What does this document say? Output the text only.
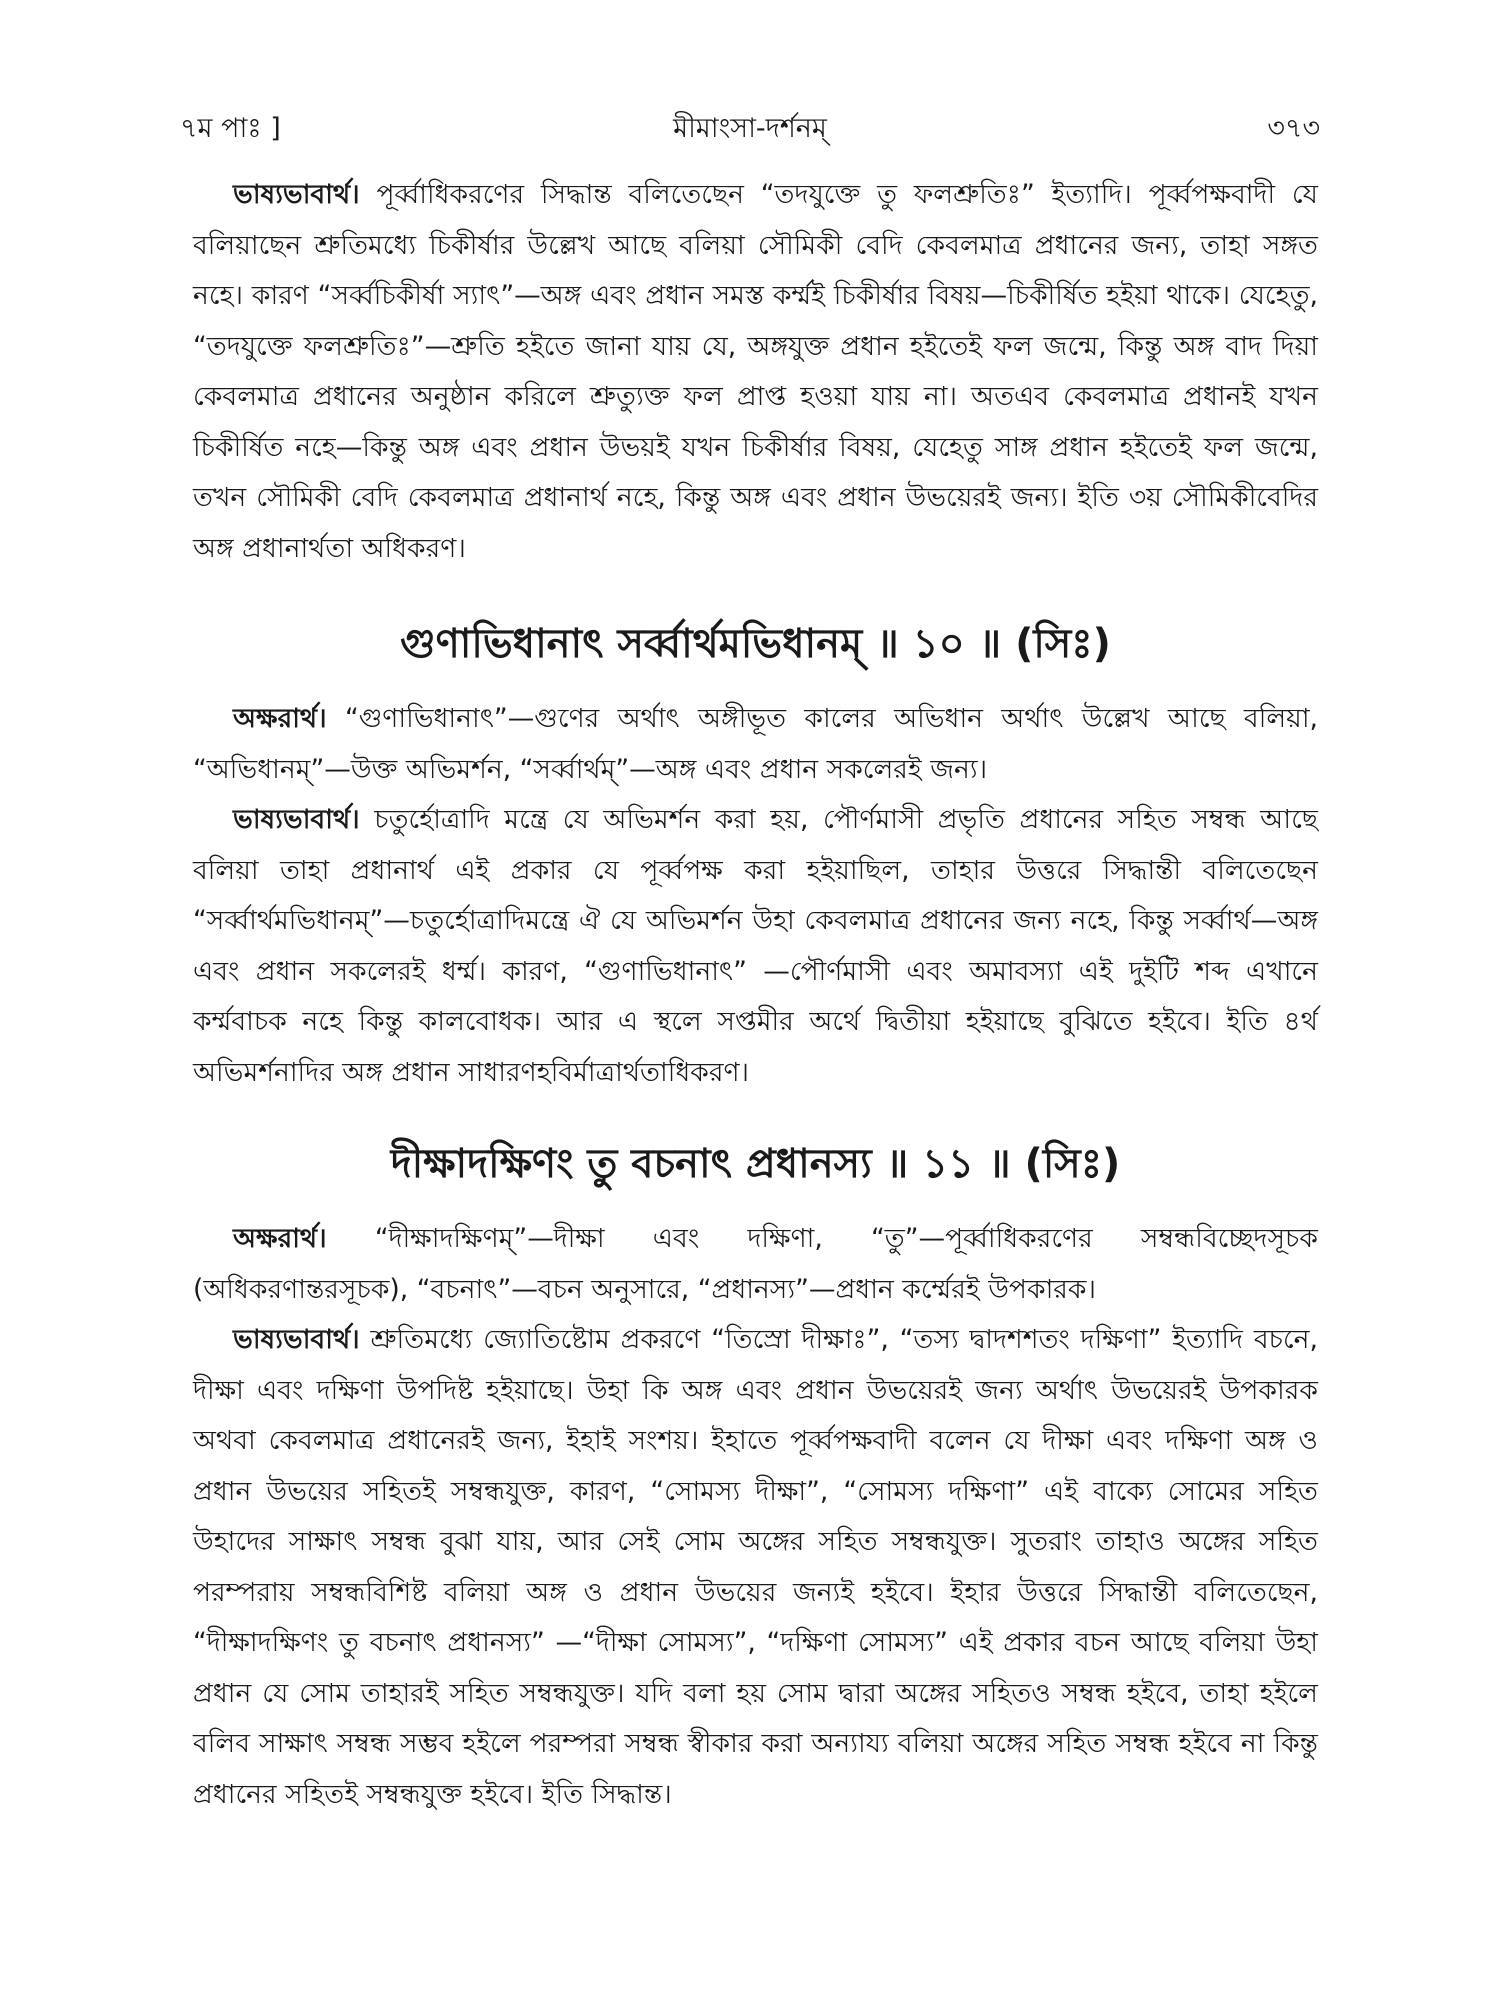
৭ম পাঃ ]	মীমাংসা-দর্শনম্	৩৭৩

ভাষ্যভাবার্থ। পূর্ব্বাধিকরণের সিদ্ধান্ত বলিতেছেন “তদযুক্তে তু ফলশ্রুতিঃ” ইত্যাদি। পূর্ব্বপক্ষবাদী যে বলিয়াছেন শ্রুতিমধ্যে চিকীর্ষার উল্লেখ আছে বলিয়া সৌমিকী বেদি কেবলমাত্র প্রধানের জন্য, তাহা সঙ্গত নহে। কারণ “সর্ব্বচিকীর্ষা স্যাৎ”—অঙ্গ এবং প্রধান সমস্ত কর্ম্মই চিকীর্ষার বিষয়—চিকীর্ষিত হইয়া থাকে। যেহেতু, “তদযুক্তে ফলশ্রুতিঃ”—শ্রুতি হইতে জানা যায় যে, অঙ্গযুক্ত প্রধান হইতেই ফল জন্মে, কিন্তু অঙ্গ বাদ দিয়া কেবলমাত্র প্রধানের অনুষ্ঠান করিলে শ্রুত্যুক্ত ফল প্রাপ্ত হওয়া যায় না। অতএব কেবলমাত্র প্রধানই যখন চিকীর্ষিত নহে—কিন্তু অঙ্গ এবং প্রধান উভয়ই যখন চিকীর্ষার বিষয়, যেহেতু সাঙ্গ প্রধান হইতেই ফল জন্মে, তখন সৌমিকী বেদি কেবলমাত্র প্রধানার্থ নহে, কিন্তু অঙ্গ এবং প্রধান উভয়েরই জন্য। ইতি ৩য় সৌমিকীবেদির অঙ্গ প্রধানার্থতা অধিকরণ।

গুণাভিধানাৎ সর্ব্বার্থমভিধানম্ ॥ ১০ ॥ (সিঃ)

অক্ষরার্থ। “গুণাভিধানাৎ”—গুণের অর্থাৎ অঙ্গীভূত কালের অভিধান অর্থাৎ উল্লেখ আছে বলিয়া, “অভিধানম্”—উক্ত অভিমর্শন, “সর্ব্বার্থম্”—অঙ্গ এবং প্রধান সকলেরই জন্য।

ভাষ্যভাবার্থ। চতুর্হোত্রাদি মন্ত্রে যে অভিমর্শন করা হয়, পৌর্ণমাসী প্রভৃতি প্রধানের সহিত সম্বন্ধ আছে বলিয়া তাহা প্রধানার্থ এই প্রকার যে পূর্ব্বপক্ষ করা হইয়াছিল, তাহার উত্তরে সিদ্ধান্তী বলিতেছেন “সর্ব্বার্থমভিধানম্”—চতুর্হোত্রাদিমন্ত্রে ঐ যে অভিমর্শন উহা কেবলমাত্র প্রধানের জন্য নহে, কিন্তু সর্ব্বার্থ—অঙ্গ এবং প্রধান সকলেরই ধর্ম্ম। কারণ, “গুণাভিধানাৎ” —পৌর্ণমাসী এবং অমাবস্যা এই দুইটি শব্দ এখানে কর্ম্মবাচক নহে কিন্তু কালবোধক। আর এ স্থলে সপ্তমীর অর্থে দ্বিতীয়া হইয়াছে বুঝিতে হইবে। ইতি ৪র্থ অভিমর্শনাদির অঙ্গ প্রধান সাধারণহবির্মাত্রার্থতাধিকরণ।

দীক্ষাদক্ষিণং তু বচনাৎ প্রধানস্য ॥ ১১ ॥ (সিঃ)

অক্ষরার্থ। “দীক্ষাদক্ষিণম্”—দীক্ষা এবং দক্ষিণা, “তু”—পূর্ব্বাধিকরণের সম্বন্ধবিচ্ছেদসূচক (অধিকরণান্তরসূচক), “বচনাৎ”—বচন অনুসারে, “প্রধানস্য”—প্রধান কর্ম্মেরই উপকারক।

ভাষ্যভাবার্থ। শ্রুতিমধ্যে জ্যোতিষ্টোম প্রকরণে “তিস্রো দীক্ষাঃ”, “তস্য দ্বাদশশতং দক্ষিণা” ইত্যাদি বচনে, দীক্ষা এবং দক্ষিণা উপদিষ্ট হইয়াছে। উহা কি অঙ্গ এবং প্রধান উভয়েরই জন্য অর্থাৎ উভয়েরই উপকারক অথবা কেবলমাত্র প্রধানেরই জন্য, ইহাই সংশয়। ইহাতে পূর্ব্বপক্ষবাদী বলেন যে দীক্ষা এবং দক্ষিণা অঙ্গ ও প্রধান উভয়ের সহিতই সম্বন্ধযুক্ত, কারণ, “সোমস্য দীক্ষা”, “সোমস্য দক্ষিণা” এই বাক্যে সোমের সহিত উহাদের সাক্ষাৎ সম্বন্ধ বুঝা যায়, আর সেই সোম অঙ্গের সহিত সম্বন্ধযুক্ত। সুতরাং তাহাও অঙ্গের সহিত পরম্পরায় সম্বন্ধবিশিষ্ট বলিয়া অঙ্গ ও প্রধান উভয়ের জন্যই হইবে। ইহার উত্তরে সিদ্ধান্তী বলিতেছেন, “দীক্ষাদক্ষিণং তু বচনাৎ প্রধানস্য” —“দীক্ষা সোমস্য”, “দক্ষিণা সোমস্য” এই প্রকার বচন আছে বলিয়া উহা প্রধান যে সোম তাহারই সহিত সম্বন্ধযুক্ত। যদি বলা হয় সোম দ্বারা অঙ্গের সহিতও সম্বন্ধ হইবে, তাহা হইলে বলিব সাক্ষাৎ সম্বন্ধ সম্ভব হইলে পরম্পরা সম্বন্ধ স্বীকার করা অন্যায্য বলিয়া অঙ্গের সহিত সম্বন্ধ হইবে না কিন্তু প্রধানের সহিতই সম্বন্ধযুক্ত হইবে। ইতি সিদ্ধান্ত।
